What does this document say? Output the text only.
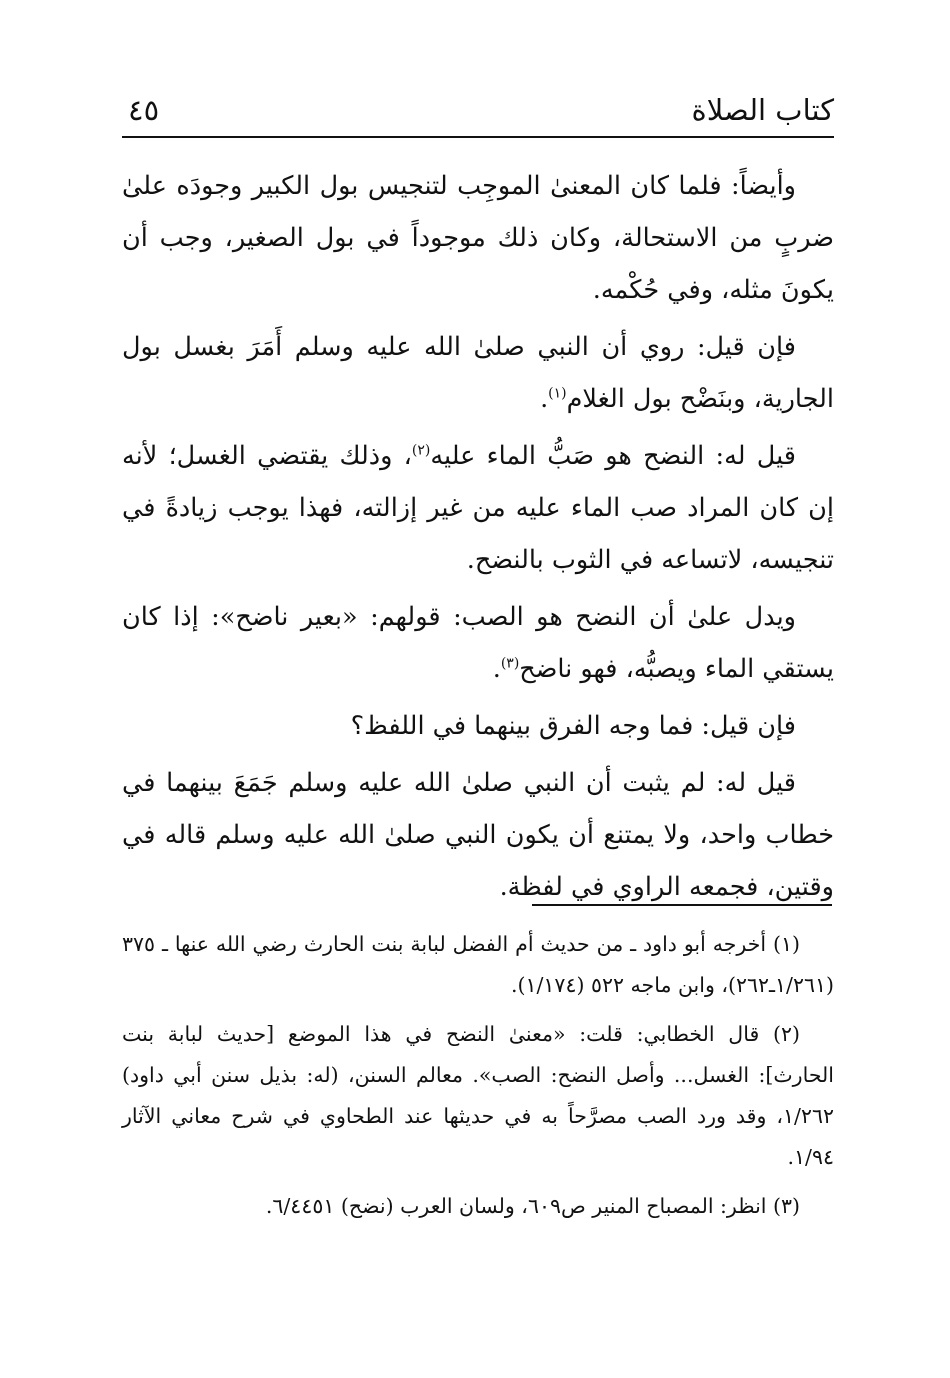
كتاب الصلاة
٤٥

وأيضاً: فلما كان المعنىٰ الموجِب لتنجيس بول الكبير وجودَه علىٰ ضربٍ من الاستحالة، وكان ذلك موجوداً في بول الصغير، وجب أن يكونَ مثله، وفي حُكْمه.

فإن قيل: روي أن النبي صلىٰ الله عليه وسلم أَمَرَ بغسل بول الجارية، وبنَضْح بول الغلام$^{(١)}$.

قيل له: النضح هو صَبُّ الماء عليه$^{(٢)}$، وذلك يقتضي الغسل؛ لأنه إن كان المراد صب الماء عليه من غير إزالته، فهذا يوجب زيادةً في تنجيسه، لاتساعه في الثوب بالنضح.

ويدل علىٰ أن النضح هو الصب: قولهم: «بعير ناضح»: إذا كان يستقي الماء ويصبُّه، فهو ناضح$^{(٣)}$.

فإن قيل: فما وجه الفرق بينهما في اللفظ؟

قيل له: لم يثبت أن النبي صلىٰ الله عليه وسلم جَمَعَ بينهما في خطاب واحد، ولا يمتنع أن يكون النبي صلىٰ الله عليه وسلم قاله في وقتين، فجمعه الراوي في لفظة.

(١) أخرجه أبو داود ـ من حديث أم الفضل لبابة بنت الحارث رضي الله عنها ـ ٣٧٥ (١/٢٦١ـ٢٦٢)، وابن ماجه ٥٢٢ (١/١٧٤).

(٢) قال الخطابي: قلت: «معنىٰ النضح في هذا الموضع [حديث لبابة بنت الحارث]: الغسل... وأصل النضح: الصب». معالم السنن، (له: بذيل سنن أبي داود) ١/٢٦٢، وقد ورد الصب مصرَّحاً به في حديثها عند الطحاوي في شرح معاني الآثار ١/٩٤.

(٣) انظر: المصباح المنير ص٦٠٩، ولسان العرب (نضح) ٦/٤٤٥١.
